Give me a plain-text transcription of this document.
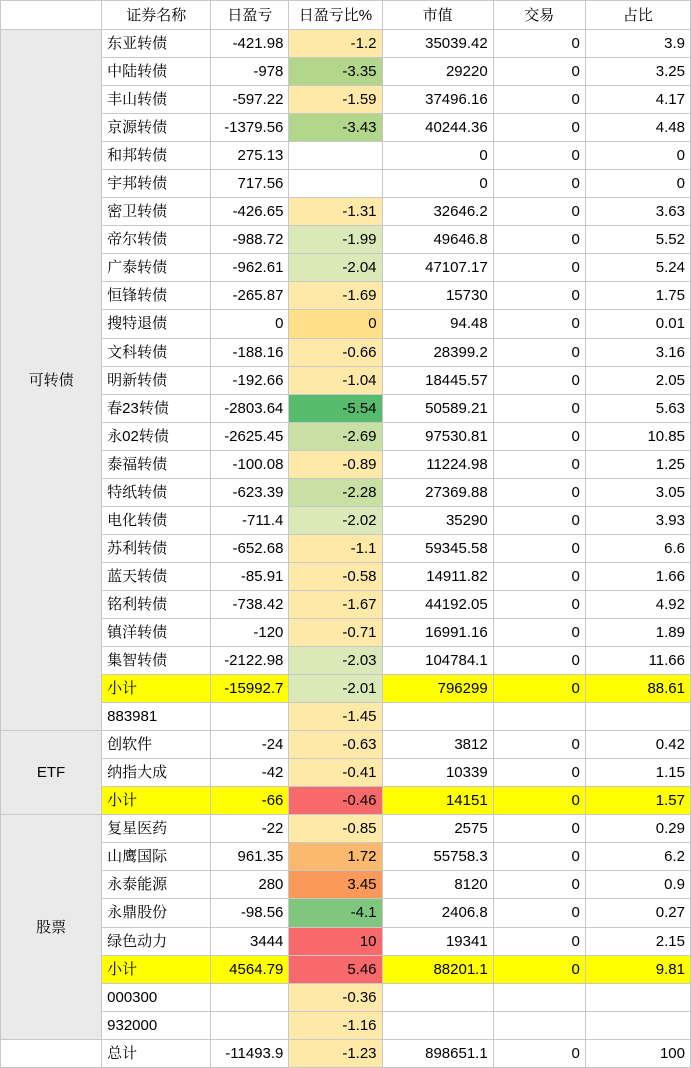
	证券名称	日盈亏	日盈亏比%	市值	交易	占比
可转债	东亚转债	-421.98	-1.2	35039.42	0	3.9
	中陆转债	-978	-3.35	29220	0	3.25
	丰山转债	-597.22	-1.59	37496.16	0	4.17
	京源转债	-1379.56	-3.43	40244.36	0	4.48
	和邦转债	275.13		0	0	0
	宇邦转债	717.56		0	0	0
	密卫转债	-426.65	-1.31	32646.2	0	3.63
	帝尔转债	-988.72	-1.99	49646.8	0	5.52
	广泰转债	-962.61	-2.04	47107.17	0	5.24
	恒锋转债	-265.87	-1.69	15730	0	1.75
	搜特退债	0	0	94.48	0	0.01
	文科转债	-188.16	-0.66	28399.2	0	3.16
	明新转债	-192.66	-1.04	18445.57	0	2.05
	春23转债	-2803.64	-5.54	50589.21	0	5.63
	永02转债	-2625.45	-2.69	97530.81	0	10.85
	泰福转债	-100.08	-0.89	11224.98	0	1.25
	特纸转债	-623.39	-2.28	27369.88	0	3.05
	电化转债	-711.4	-2.02	35290	0	3.93
	苏利转债	-652.68	-1.1	59345.58	0	6.6
	蓝天转债	-85.91	-0.58	14911.82	0	1.66
	铭利转债	-738.42	-1.67	44192.05	0	4.92
	镇洋转债	-120	-0.71	16991.16	0	1.89
	集智转债	-2122.98	-2.03	104784.1	0	11.66
	小计	-15992.7	-2.01	796299	0	88.61
	883981		-1.45			
ETF	创软件	-24	-0.63	3812	0	0.42
	纳指大成	-42	-0.41	10339	0	1.15
	小计	-66	-0.46	14151	0	1.57
股票	复星医药	-22	-0.85	2575	0	0.29
	山鹰国际	961.35	1.72	55758.3	0	6.2
	永泰能源	280	3.45	8120	0	0.9
	永鼎股份	-98.56	-4.1	2406.8	0	0.27
	绿色动力	3444	10	19341	0	2.15
	小计	4564.79	5.46	88201.1	0	9.81
	000300		-0.36			
	932000		-1.16			
	总计	-11493.9	-1.23	898651.1	0	100
